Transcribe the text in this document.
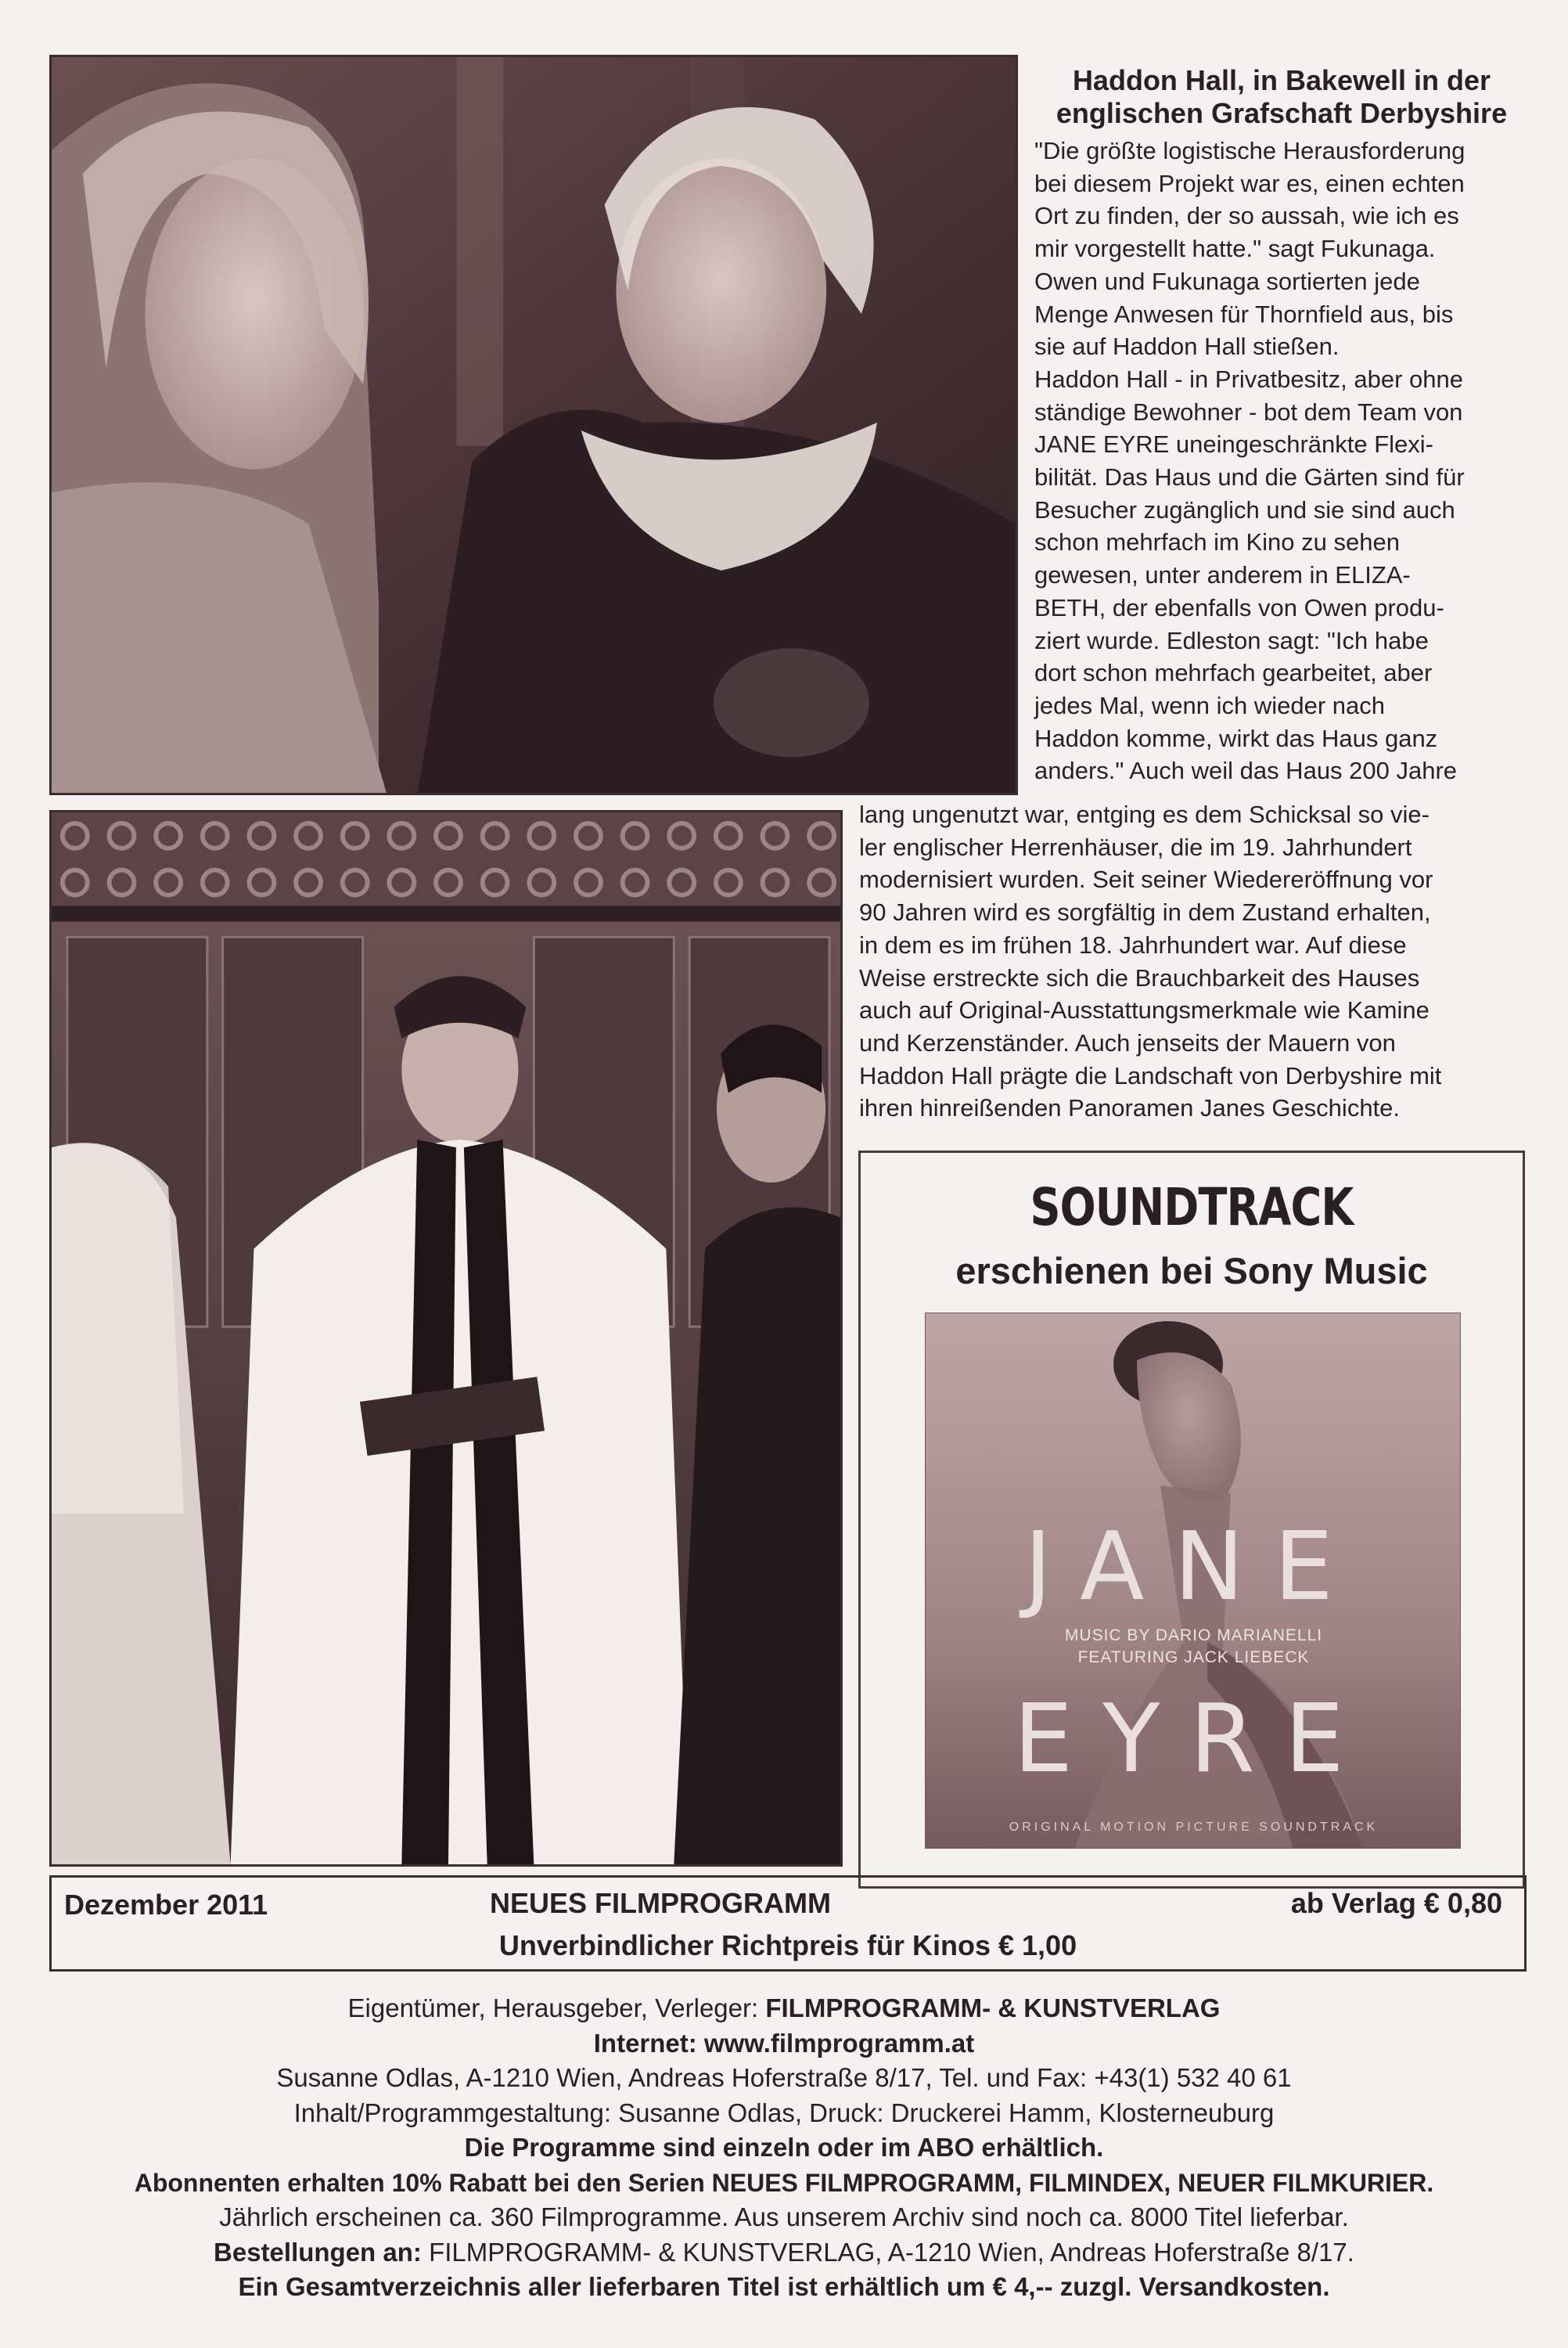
Haddon Hall, in Bakewell in der
englischen Grafschaft Derbyshire
"Die größte logistische Herausforderung
bei diesem Projekt war es, einen echten
Ort zu finden, der so aussah, wie ich es
mir vorgestellt hatte." sagt Fukunaga.
Owen und Fukunaga sortierten jede
Menge Anwesen für Thornfield aus, bis
sie auf Haddon Hall stießen.
Haddon Hall - in Privatbesitz, aber ohne
ständige Bewohner - bot dem Team von
JANE EYRE uneingeschränkte Flexi-
bilität. Das Haus und die Gärten sind für
Besucher zugänglich und sie sind auch
schon mehrfach im Kino zu sehen
gewesen, unter anderem in ELIZA-
BETH, der ebenfalls von Owen produ-
ziert wurde. Edleston sagt: "Ich habe
dort schon mehrfach gearbeitet, aber
jedes Mal, wenn ich wieder nach
Haddon komme, wirkt das Haus ganz
anders." Auch weil das Haus 200 Jahre
lang ungenutzt war, entging es dem Schicksal so vie-
ler englischer Herrenhäuser, die im 19. Jahrhundert
modernisiert wurden. Seit seiner Wiedereröffnung vor
90 Jahren wird es sorgfältig in dem Zustand erhalten,
in dem es im frühen 18. Jahrhundert war. Auf diese
Weise erstreckte sich die Brauchbarkeit des Hauses
auch auf Original-Ausstattungsmerkmale wie Kamine
und Kerzenständer. Auch jenseits der Mauern von
Haddon Hall prägte die Landschaft von Derbyshire mit
ihren hinreißenden Panoramen Janes Geschichte.
SOUNDTRACK
erschienen bei Sony Music
JANE
MUSIC BY DARIO MARIANELLI
FEATURING JACK LIEBECK
EYRE
ORIGINAL MOTION PICTURE SOUNDTRACK
Dezember 2011	NEUES FILMPROGRAMM	ab Verlag € 0,80
Unverbindlicher Richtpreis für Kinos € 1,00
Eigentümer, Herausgeber, Verleger: FILMPROGRAMM- & KUNSTVERLAG
Internet: www.filmprogramm.at
Susanne Odlas, A-1210 Wien, Andreas Hoferstraße 8/17, Tel. und Fax: +43(1) 532 40 61
Inhalt/Programmgestaltung: Susanne Odlas, Druck: Druckerei Hamm, Klosterneuburg
Die Programme sind einzeln oder im ABO erhältlich.
Abonnenten erhalten 10% Rabatt bei den Serien NEUES FILMPROGRAMM, FILMINDEX, NEUER FILMKURIER.
Jährlich erscheinen ca. 360 Filmprogramme. Aus unserem Archiv sind noch ca. 8000 Titel lieferbar.
Bestellungen an: FILMPROGRAMM- & KUNSTVERLAG, A-1210 Wien, Andreas Hoferstraße 8/17.
Ein Gesamtverzeichnis aller lieferbaren Titel ist erhältlich um € 4,-- zuzgl. Versandkosten.
